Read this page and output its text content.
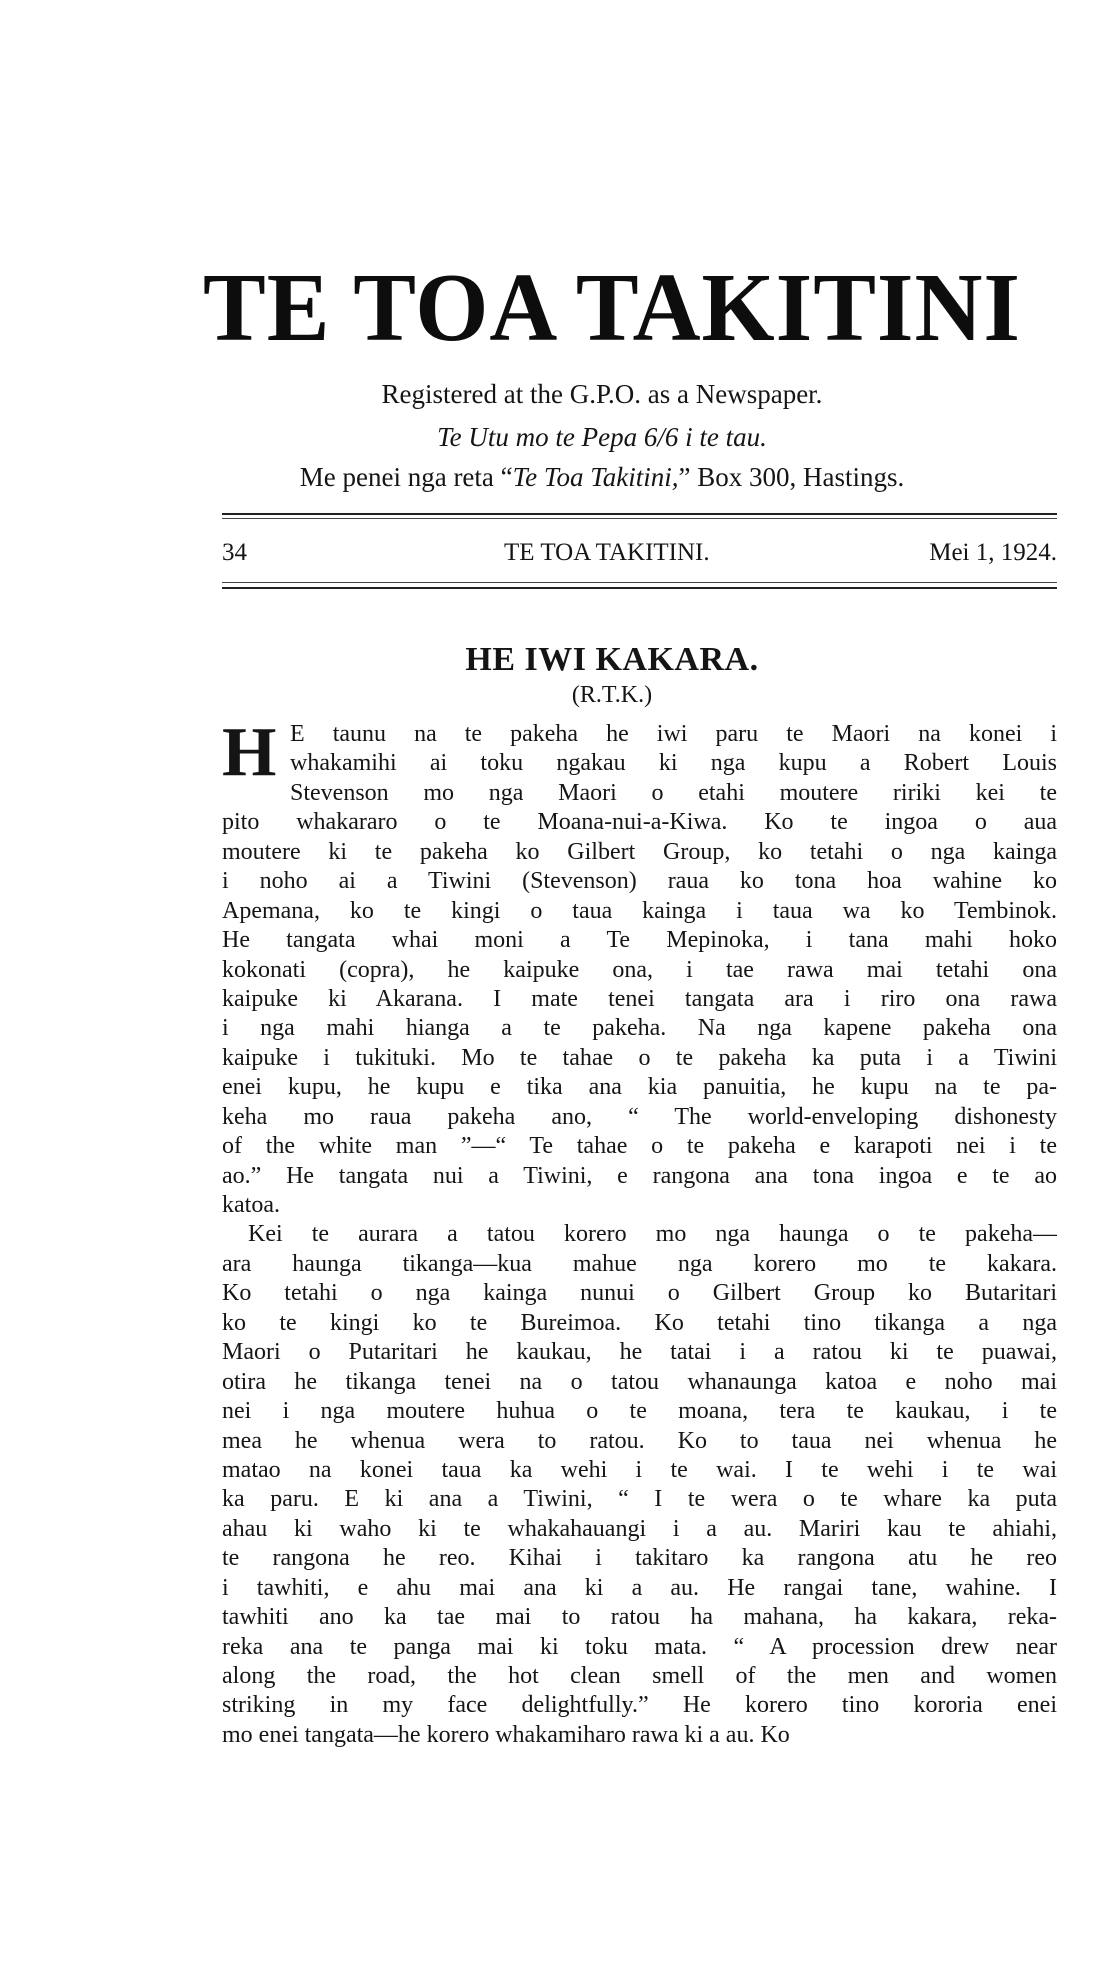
TE TOA TAKITINI
Registered at the G.P.O. as a Newspaper.
Te Utu mo te Pepa 6/6 i te tau.
Me penei nga reta “Te Toa Takitini,” Box 300, Hastings.
34	TE TOA TAKITINI.	Mei 1, 1924.
HE IWI KAKARA.
(R.T.K.)
H E taunu na te pakeha he iwi paru te Maori na konei i
whakamihi ai toku ngakau ki nga kupu a Robert Louis
Stevenson mo nga Maori o etahi moutere ririki kei te
pito whakararo o te Moana-nui-a-Kiwa. Ko te ingoa o aua
moutere ki te pakeha ko Gilbert Group, ko tetahi o nga kainga
i noho ai a Tiwini (Stevenson) raua ko tona hoa wahine ko
Apemana, ko te kingi o taua kainga i taua wa ko Tembinok.
He tangata whai moni a Te Mepinoka, i tana mahi hoko
kokonati (copra), he kaipuke ona, i tae rawa mai tetahi ona
kaipuke ki Akarana. I mate tenei tangata ara i riro ona rawa
i nga mahi hianga a te pakeha. Na nga kapene pakeha ona
kaipuke i tukituki. Mo te tahae o te pakeha ka puta i a Tiwini
enei kupu, he kupu e tika ana kia panuitia, he kupu na te pa-
keha mo raua pakeha ano, “ The world-enveloping dishonesty
of the white man ”—“ Te tahae o te pakeha e karapoti nei i te
ao.” He tangata nui a Tiwini, e rangona ana tona ingoa e te ao
katoa.
Kei te aurara a tatou korero mo nga haunga o te pakeha—
ara haunga tikanga—kua mahue nga korero mo te kakara.
Ko tetahi o nga kainga nunui o Gilbert Group ko Butaritari
ko te kingi ko te Bureimoa. Ko tetahi tino tikanga a nga
Maori o Putaritari he kaukau, he tatai i a ratou ki te puawai,
otira he tikanga tenei na o tatou whanaunga katoa e noho mai
nei i nga moutere huhua o te moana, tera te kaukau, i te
mea he whenua wera to ratou. Ko to taua nei whenua he
matao na konei taua ka wehi i te wai. I te wehi i te wai
ka paru. E ki ana a Tiwini, “ I te wera o te whare ka puta
ahau ki waho ki te whakahauangi i a au. Mariri kau te ahiahi,
te rangona he reo. Kihai i takitaro ka rangona atu he reo
i tawhiti, e ahu mai ana ki a au. He rangai tane, wahine. I
tawhiti ano ka tae mai to ratou ha mahana, ha kakara, reka-
reka ana te panga mai ki toku mata. “ A procession drew near
along the road, the hot clean smell of the men and women
striking in my face delightfully.” He korero tino kororia enei
mo enei tangata—he korero whakamiharo rawa ki a au. Ko
